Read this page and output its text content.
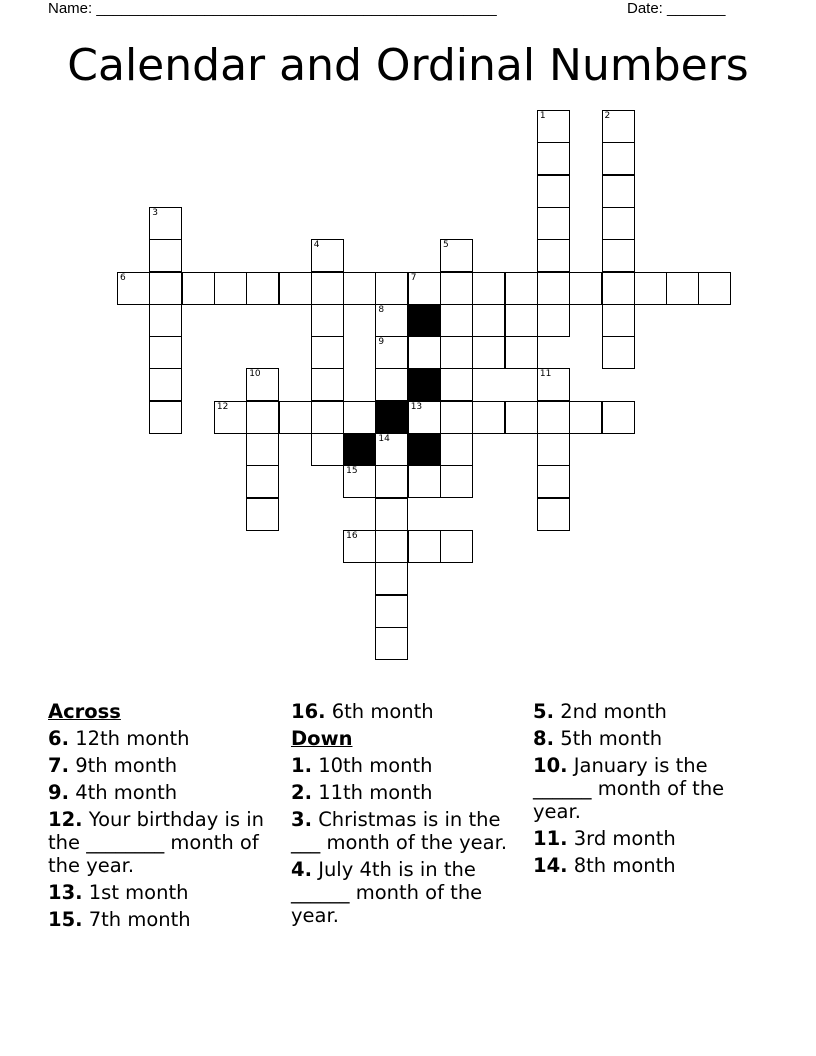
Name: ________________________________________________	Date: _______
Calendar and Ordinal Numbers
1	2
3
4	5
10	11
8
9
14
7
13
6
12
15
16
Across
6. 12th month
7. 9th month
9. 4th month
12. Your birthday is in the ________ month of the year.
13. 1st month
15. 7th month
16. 6th month
Down
1. 10th month
2. 11th month
3. Christmas is in the ___ month of the year.
4. July 4th is in the ______ month of the year.
5. 2nd month
8. 5th month
10. January is the ______ month of the year.
11. 3rd month
14. 8th month
